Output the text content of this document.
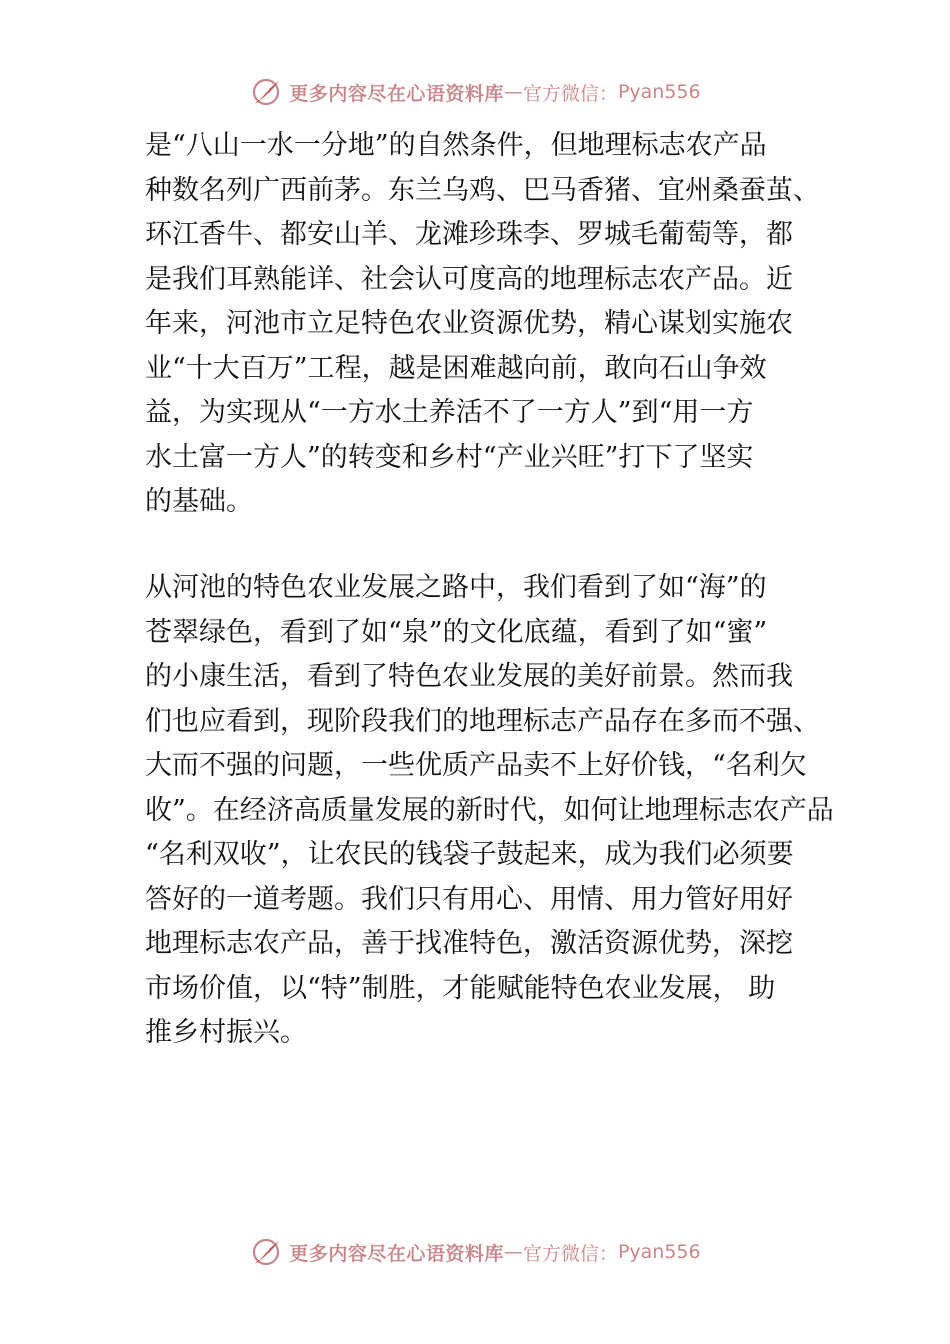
更多内容尽在心语资料库 — 官方微信： Pyan556
是“八山一水一分地”的自然条件，但地理标志农产品
种数名列广西前茅。东兰乌鸡、巴马香猪、宜州桑蚕茧、
环江香牛、都安山羊、龙滩珍珠李、罗城毛葡萄等，都
是我们耳熟能详、社会认可度高的地理标志农产品。近
年来，河池市立足特色农业资源优势，精心谋划实施农
业“十大百万”工程，越是困难越向前，敢向石山争效
益，为实现从“一方水土养活不了一方人”到“用一方
水土富一方人”的转变和乡村“产业兴旺”打下了坚实
的基础。
从河池的特色农业发展之路中，我们看到了如“海”的
苍翠绿色，看到了如“泉”的文化底蕴，看到了如“蜜”
的小康生活，看到了特色农业发展的美好前景。然而我
们也应看到，现阶段我们的地理标志产品存在多而不强、
大而不强的问题，一些优质产品卖不上好价钱，“名利欠
收”。在经济高质量发展的新时代，如何让地理标志农产品
“名利双收”，让农民的钱袋子鼓起来，成为我们必须要
答好的一道考题。我们只有用心、用情、用力管好用好
地理标志农产品，善于找准特色，激活资源优势，深挖
市场价值，以“特”制胜，才能赋能特色农业发展， 助
推乡村振兴。
更多内容尽在心语资料库 — 官方微信： Pyan556
